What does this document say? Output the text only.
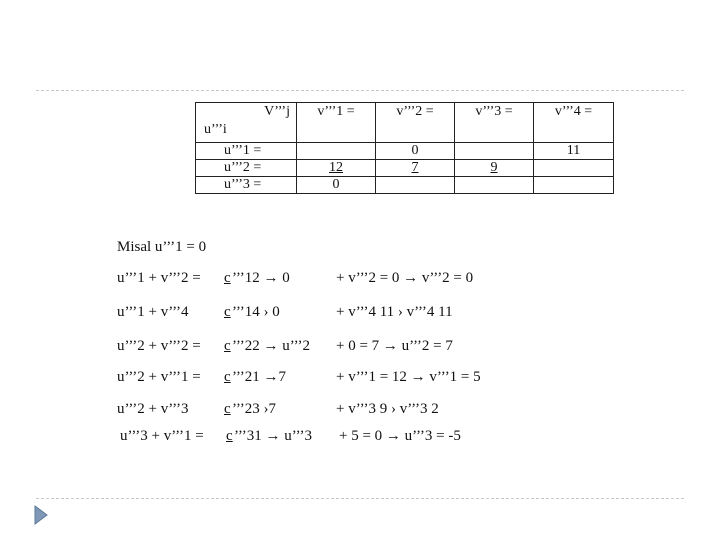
V’’’j
u’’’i	v’’’1 =	v’’’2 =	v’’’3 =	v’’’4 =
u’’’1 =		0		11
u’’’2 =	12	7	9	
u’’’3 =	0			
Misal u’’’1 = 0
u’’’1 + v’’’2 = c ’’’12 → 0	+ v’’’2 = 0 → v’’’2 = 0
u’’’1 + v’’’4 c ’’’14 › 0	+ v’’’4 11 › v’’’4 11
u’’’2 + v’’’2 = c ’’’22 → u’’’2 + 0 = 7 → u’’’2 = 7
u’’’2 + v’’’1 = c ’’’21 →7	+ v’’’1 = 12 → v’’’1 = 5
u’’’2 + v’’’3 c ’’’23 ›7	+ v’’’3 9 › v’’’3 2
u’’’3 + v’’’1 = c ’’’31 → u’’’3 + 5 = 0 → u’’’3 = -5
